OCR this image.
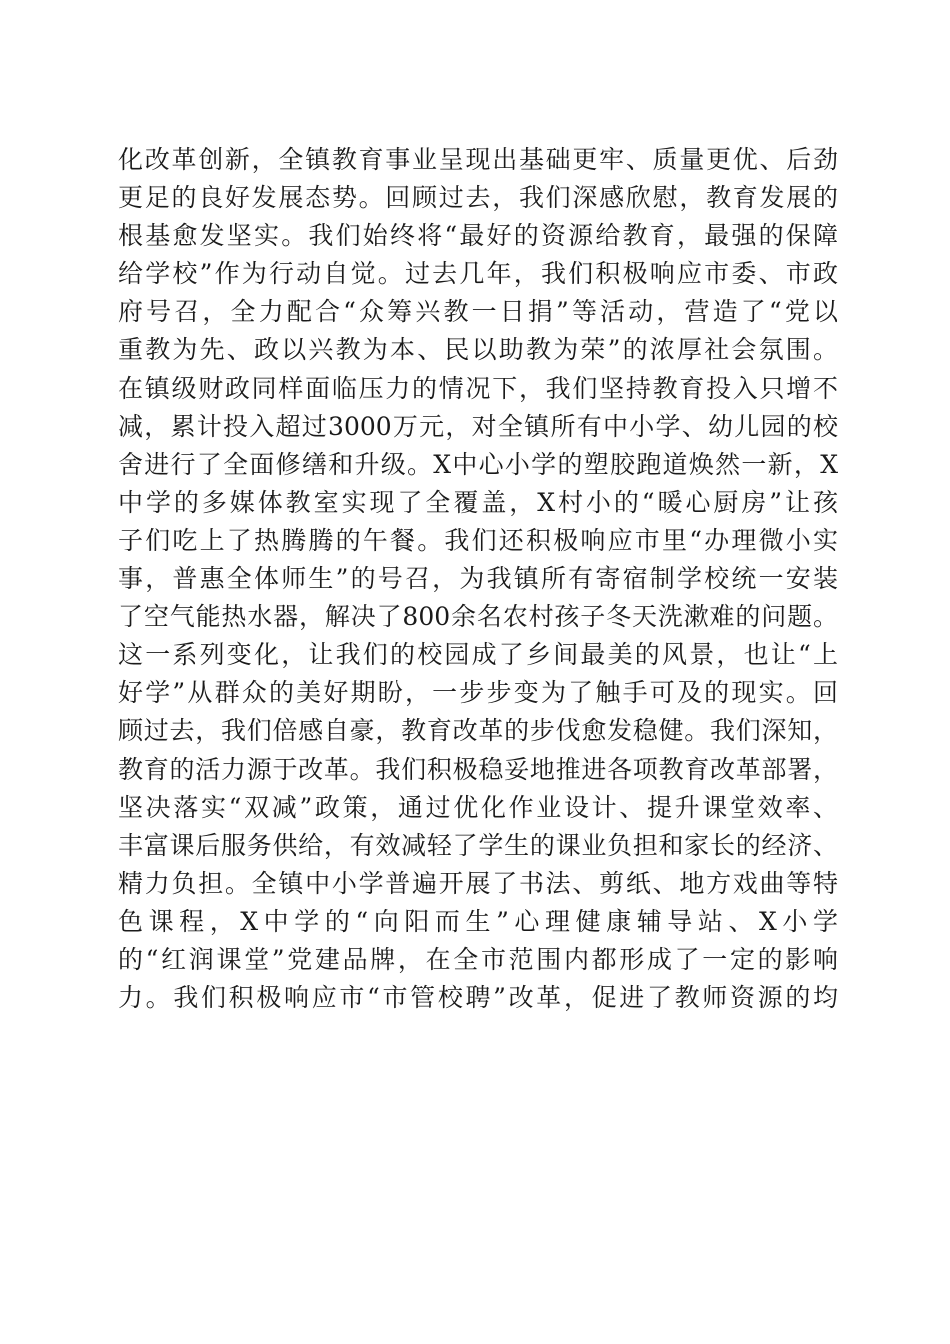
化改革创新，全镇教育事业呈现出基础更牢、质量更优、后劲
更足的良好发展态势。回顾过去，我们深感欣慰，教育发展的
根基愈发坚实。我们始终将“最好的资源给教育，最强的保障
给学校”作为行动自觉。过去几年，我们积极响应市委、市政
府号召，全力配合“众筹兴教一日捐”等活动，营造了“党以
重教为先、政以兴教为本、民以助教为荣”的浓厚社会氛围。
在镇级财政同样面临压力的情况下，我们坚持教育投入只增不
减，累计投入超过3000万元，对全镇所有中小学、幼儿园的校
舍进行了全面修缮和升级。X中心小学的塑胶跑道焕然一新，X
中学的多媒体教室实现了全覆盖，X村小的“暖心厨房”让孩
子们吃上了热腾腾的午餐。我们还积极响应市里“办理微小实
事，普惠全体师生”的号召，为我镇所有寄宿制学校统一安装
了空气能热水器，解决了800余名农村孩子冬天洗漱难的问题。
这一系列变化，让我们的校园成了乡间最美的风景，也让“上
好学”从群众的美好期盼，一步步变为了触手可及的现实。回
顾过去，我们倍感自豪，教育改革的步伐愈发稳健。我们深知，
教育的活力源于改革。我们积极稳妥地推进各项教育改革部署，
坚决落实“双减”政策，通过优化作业设计、提升课堂效率、
丰富课后服务供给，有效减轻了学生的课业负担和家长的经济、
精力负担。全镇中小学普遍开展了书法、剪纸、地方戏曲等特
色课程，X中学的“向阳而生”心理健康辅导站、X小学
的“红润课堂”党建品牌，在全市范围内都形成了一定的影响
力。我们积极响应市“市管校聘”改革，促进了教师资源的均
